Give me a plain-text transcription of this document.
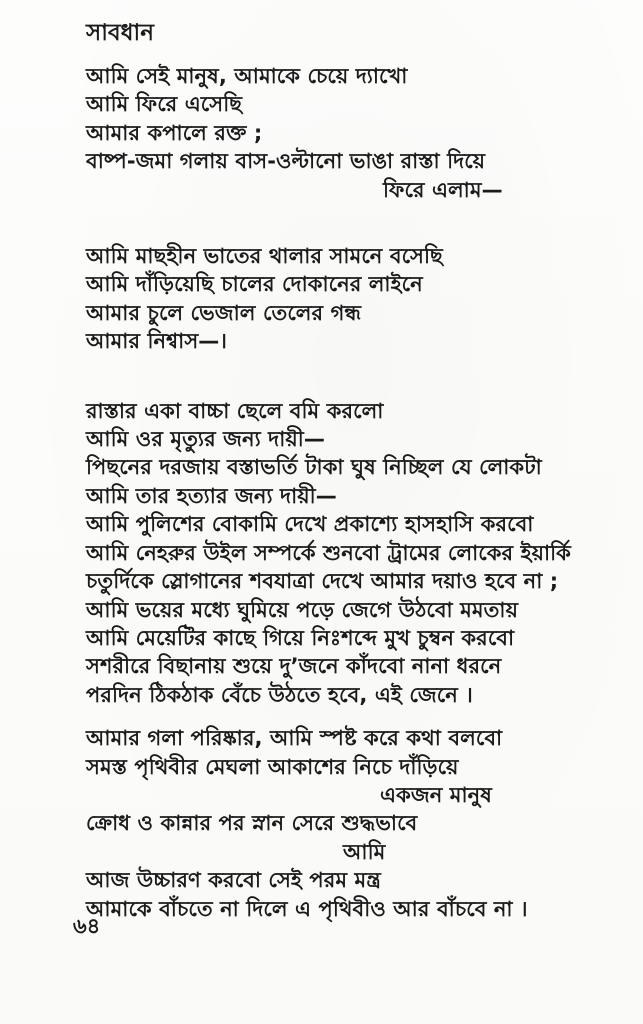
সাবধান
আমি সেই মানুষ, আমাকে চেয়ে দ্যাখো
আমি ফিরে এসেছি
আমার কপালে রক্ত ;
বাষ্প-জমা গলায় বাস-ওল্টানো ভাঙা রাস্তা দিয়ে
ফিরে এলাম—
আমি মাছহীন ভাতের থালার সামনে বসেছি
আমি দাঁড়িয়েছি চালের দোকানের লাইনে
আমার চুলে ভেজাল তেলের গন্ধ
আমার নিশ্বাস—।
রাস্তার একা বাচ্চা ছেলে বমি করলো
আমি ওর মৃত্যুর জন্য দায়ী—
পিছনের দরজায় বস্তাভর্তি টাকা ঘুষ নিচ্ছিল যে লোকটা
আমি তার হত্যার জন্য দায়ী—
আমি পুলিশের বোকামি দেখে প্রকাশ্যে হাসহাসি করবো
আমি নেহরুর উইল সম্পর্কে শুনবো ট্রামের লোকের ইয়ার্কি
চতুর্দিকে স্লোগানের শবযাত্রা দেখে আমার দয়াও হবে না ;
আমি ভয়ের মধ্যে ঘুমিয়ে পড়ে জেগে উঠবো মমতায়
আমি মেয়েটির কাছে গিয়ে নিঃশব্দে মুখ চুম্বন করবো
সশরীরে বিছানায় শুয়ে দু’জনে কাঁদবো নানা ধরনে
পরদিন ঠিকঠাক বেঁচে উঠতে হবে, এই জেনে ।
আমার গলা পরিষ্কার, আমি স্পষ্ট করে কথা বলবো
সমস্ত পৃথিবীর মেঘলা আকাশের নিচে দাঁড়িয়ে
একজন মানুষ
ক্রোধ ও কান্নার পর স্নান সেরে শুদ্ধভাবে
আমি
আজ উচ্চারণ করবো সেই পরম মন্ত্র
আমাকে বাঁচতে না দিলে এ পৃথিবীও আর বাঁচবে না ।
৬৪
